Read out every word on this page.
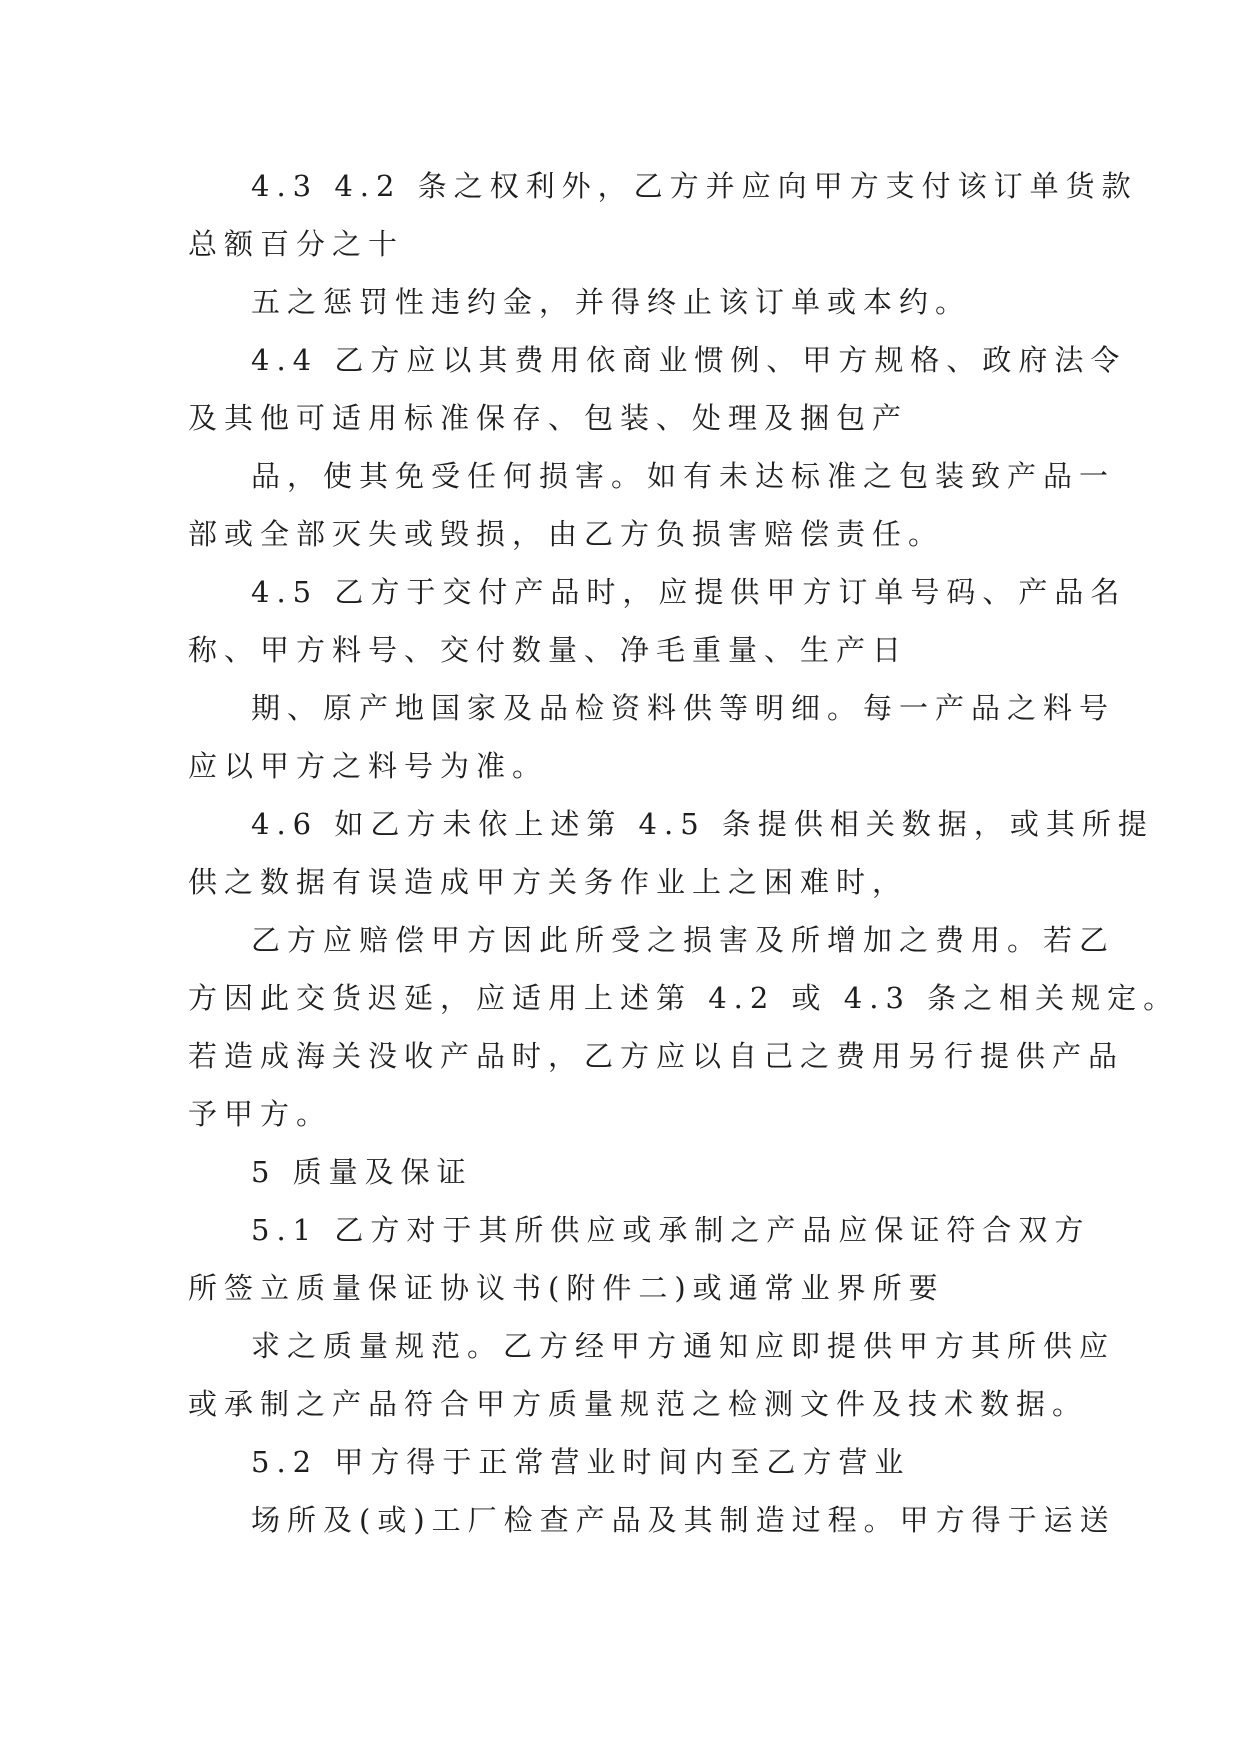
4.3 4.2 条之权利外，乙方并应向甲方支付该订单货款
总额百分之十
五之惩罚性违约金，并得终止该订单或本约。
4.4 乙方应以其费用依商业惯例、甲方规格、政府法令
及其他可适用标准保存、包装、处理及捆包产
品，使其免受任何损害。如有未达标准之包装致产品一
部或全部灭失或毁损，由乙方负损害赔偿责任。
4.5 乙方于交付产品时，应提供甲方订单号码、产品名
称、甲方料号、交付数量、净毛重量、生产日
期、原产地国家及品检资料供等明细。每一产品之料号
应以甲方之料号为准。
4.6 如乙方未依上述第 4.5 条提供相关数据，或其所提
供之数据有误造成甲方关务作业上之困难时，
乙方应赔偿甲方因此所受之损害及所增加之费用。若乙
方因此交货迟延，应适用上述第 4.2 或 4.3 条之相关规定。
若造成海关没收产品时，乙方应以自己之费用另行提供产品
予甲方。
5 质量及保证
5.1 乙方对于其所供应或承制之产品应保证符合双方
所签立质量保证协议书(附件二)或通常业界所要
求之质量规范。乙方经甲方通知应即提供甲方其所供应
或承制之产品符合甲方质量规范之检测文件及技术数据。
5.2 甲方得于正常营业时间内至乙方营业
场所及(或)工厂检查产品及其制造过程。甲方得于运送
